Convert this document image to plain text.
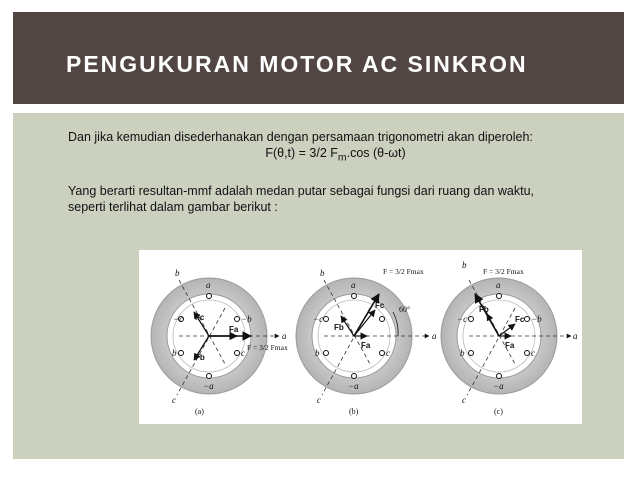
PENGUKURAN MOTOR AC SINKRON

Dan jika kemudian disederhanakan dengan persamaan trigonometri akan diperoleh:

F(θ,t) = 3/2 $F_m.\cos$ (θ-ωt)

Yang berarti resultan-mmf adalah medan putar sebagai fungsi dari ruang dan waktu,

seperti terlihat dalam gambar berikut :

a
−a
−c	−b
b	c
b
a
c
Fc
Fa
Fb
F = 3/2 Fmax
(a)
a
−a
−c
c
b
b
a
c
Fc
Fb
Fa
F = 3/2 Fmax
60°
(b)
a
−a
−c	−b
b	c
b
a
c
Fc
Fb
Fa
F = 3/2 Fmax
(c)
